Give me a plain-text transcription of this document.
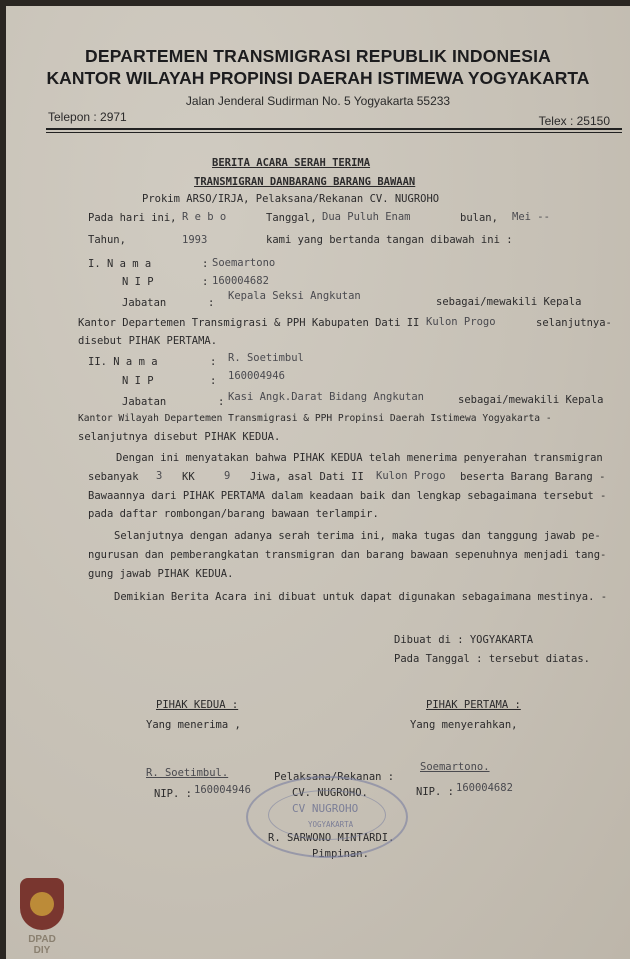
DEPARTEMEN TRANSMIGRASI REPUBLIK INDONESIA
KANTOR WILAYAH PROPINSI DAERAH ISTIMEWA YOGYAKARTA
Jalan Jenderal Sudirman No. 5 Yogyakarta 55233
Telepon : 2971	Telex : 25150
BERITA ACARA SERAH TERIMA
TRANSMIGRAN DANBARANG BARANG BAWAAN
Prokim ARSO/IRJA, Pelaksana/Rekanan CV. NUGROHO
Pada hari ini, R e b o	Tanggal, Dua Puluh Enam	bulan, Mei --
Tahun,	1993	kami yang bertanda tangan dibawah ini :
I. N a m a	: Soemartono
N I P	: 160004682
Jabatan	:
Kepala Seksi Angkutan	sebagai/mewakili Kepala
Kantor Departemen Transmigrasi & PPH Kabupaten Dati II Kulon Progo	selanjutnya-
disebut PIHAK PERTAMA.
II. N a m a	: R. Soetimbul
N I P	: 160004946
Jabatan	: Kasi Angk.Darat Bidang Angkutan	sebagai/mewakili Kepala
Kantor Wilayah Departemen Transmigrasi & PPH Propinsi Daerah Istimewa Yogyakarta -
selanjutnya disebut PIHAK KEDUA.
Dengan ini menyatakan bahwa PIHAK KEDUA telah menerima penyerahan transmigran
sebanyak 3 KK	9 Jiwa, asal Dati II Kulon Progo beserta Barang Barang -
Bawaannya dari PIHAK PERTAMA dalam keadaan baik dan lengkap sebagaimana tersebut -
pada daftar rombongan/barang bawaan terlampir.
Selanjutnya dengan adanya serah terima ini, maka tugas dan tanggung jawab pe-
ngurusan dan pemberangkatan transmigran dan barang bawaan sepenuhnya menjadi tang-
gung jawab PIHAK KEDUA.
Demikian Berita Acara ini dibuat untuk dapat digunakan sebagaimana mestinya. -
Dibuat di : YOGYAKARTA
Pada Tanggal : tersebut diatas.
PIHAK KEDUA :
Yang menerima ,
R. Soetimbul.
NIP. : 160004946
PIHAK PERTAMA :
Yang menyerahkan,
Soemartono.
NIP. : 160004682
Pelaksana/Rekanan :
CV. NUGROHO.
R. SARWONO MINTARDI.
Pimpinan.
CV NUGROHO
YOGYAKARTA
DPAD DIY
